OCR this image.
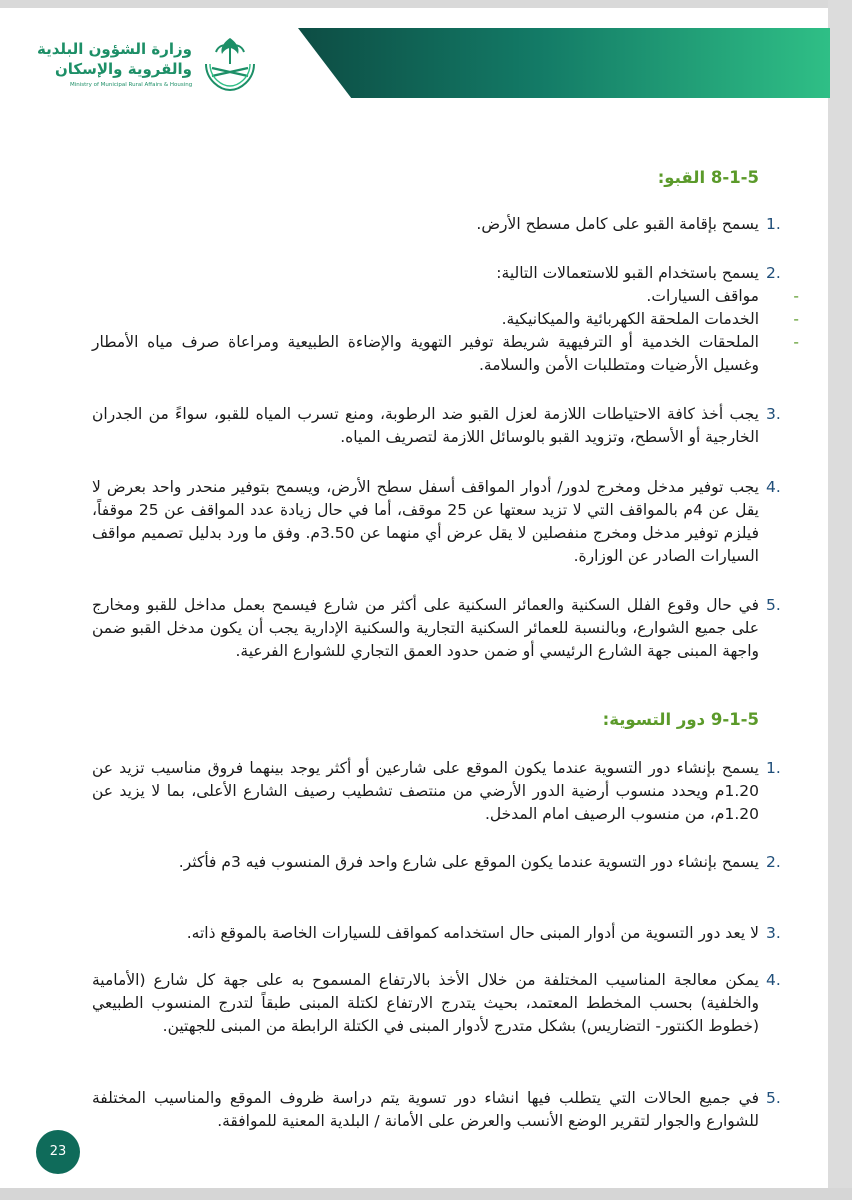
وزارة الشؤون البلدية
والقروية والإسكان
Ministry of Municipal Rural Affairs & Housing
8-1-5 القبو:
1.
يسمح بإقامة القبو على كامل مسطح الأرض.
2.
يسمح باستخدام القبو للاستعمالات التالية:
-
مواقف السيارات.
-
الخدمات الملحقة الكهربائية والميكانيكية.
-
الملحقات الخدمية أو الترفيهية شريطة توفير التهوية والإضاءة الطبيعية ومراعاة صرف مياه الأمطار وغسيل الأرضيات ومتطلبات الأمن والسلامة.
3.
يجب أخذ كافة الاحتياطات اللازمة لعزل القبو ضد الرطوبة، ومنع تسرب المياه للقبو، سواءً من الجدران الخارجية أو الأسطح، وتزويد القبو بالوسائل اللازمة لتصريف المياه.
4.
يجب توفير مدخل ومخرج لدور/ أدوار المواقف أسفل سطح الأرض، ويسمح بتوفير منحدر واحد بعرض لا يقل عن 4م بالمواقف التي لا تزيد سعتها عن 25 موقف، أما في حال زيادة عدد المواقف عن 25 موقفاً، فيلزم توفير مدخل ومخرج منفصلين لا يقل عرض أي منهما عن 3.50م. وفق ما ورد بدليل تصميم مواقف السيارات الصادر عن الوزارة.
5.
في حال وقوع الفلل السكنية والعمائر السكنية على أكثر من شارع فيسمح بعمل مداخل للقبو ومخارج على جميع الشوارع، وبالنسبة للعمائر السكنية التجارية والسكنية الإدارية يجب أن يكون مدخل القبو ضمن واجهة المبنى جهة الشارع الرئيسي أو ضمن حدود العمق التجاري للشوارع الفرعية.
9-1-5 دور التسوية:
1.
يسمح بإنشاء دور التسوية عندما يكون الموقع على شارعين أو أكثر يوجد بينهما فروق مناسيب تزيد عن 1.20م ويحدد منسوب أرضية الدور الأرضي من منتصف تشطيب رصيف الشارع الأعلى، بما لا يزيد عن 1.20م، من منسوب الرصيف امام المدخل.
2.
يسمح بإنشاء دور التسوية عندما يكون الموقع على شارع واحد فرق المنسوب فيه 3م فأكثر.
3.
لا يعد دور التسوية من أدوار المبنى حال استخدامه كمواقف للسيارات الخاصة بالموقع ذاته.
4.
يمكن معالجة المناسيب المختلفة من خلال الأخذ بالارتفاع المسموح به على جهة كل شارع (الأمامية والخلفية) بحسب المخطط المعتمد، بحيث يتدرج الارتفاع لكتلة المبنى طبقاً لتدرج المنسوب الطبيعي (خطوط الكنتور- التضاريس) بشكل متدرج لأدوار المبنى في الكتلة الرابطة من المبنى للجهتين.
5.
في جميع الحالات التي يتطلب فيها انشاء دور تسوية يتم دراسة ظروف الموقع والمناسيب المختلفة للشوارع والجوار لتقرير الوضع الأنسب والعرض على الأمانة / البلدية المعنية للموافقة.
23
